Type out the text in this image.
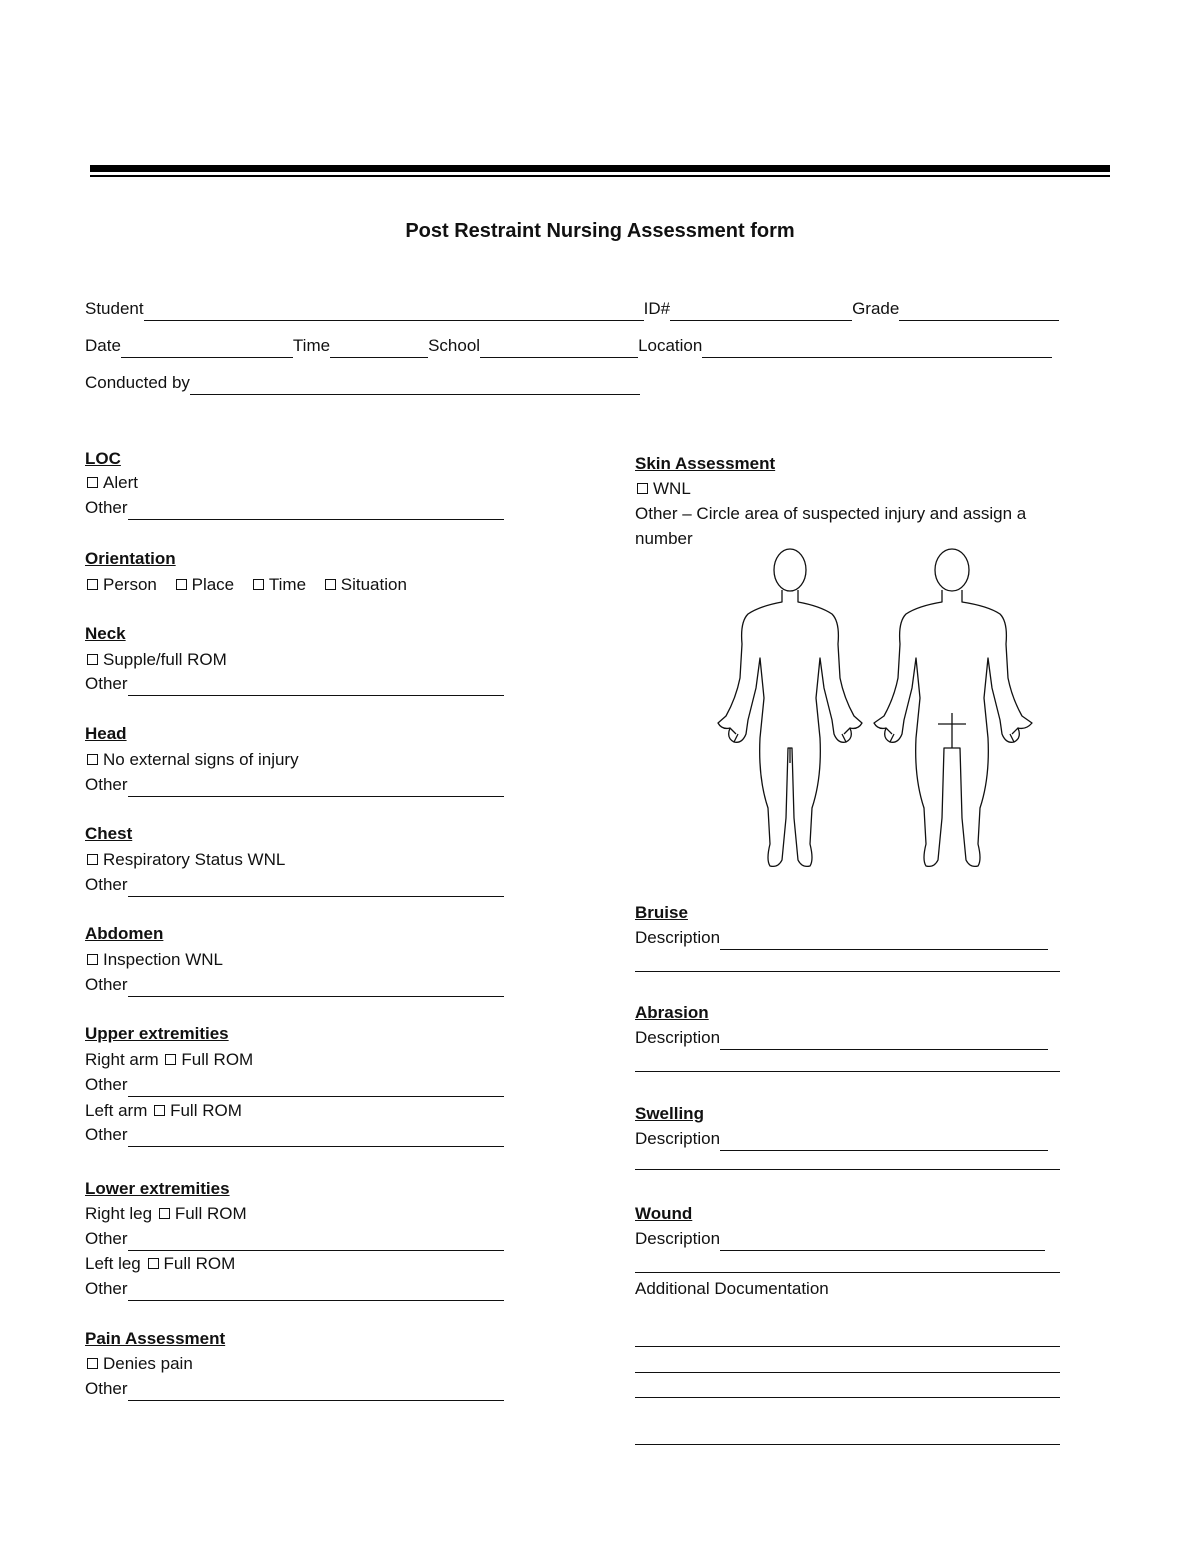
Post Restraint Nursing Assessment form
Student	ID#	Grade
Date	Time	School	Location
Conducted by
LOC
Alert
Other
Orientation
Person Place Time Situation
Neck
Supple/full ROM
Other
Head
No external signs of injury
Other
Chest
Respiratory Status WNL
Other
Abdomen
Inspection WNL
Other
Upper extremities
Right arm Full ROM
Other
Left arm Full ROM
Other
Lower extremities
Right leg Full ROM
Other
Left leg Full ROM
Other
Pain Assessment
Denies pain
Other
Skin Assessment
WNL
Other – Circle area of suspected injury and assign a
number
Bruise
Description
Abrasion
Description
Swelling
Description
Wound
Description
Additional Documentation
